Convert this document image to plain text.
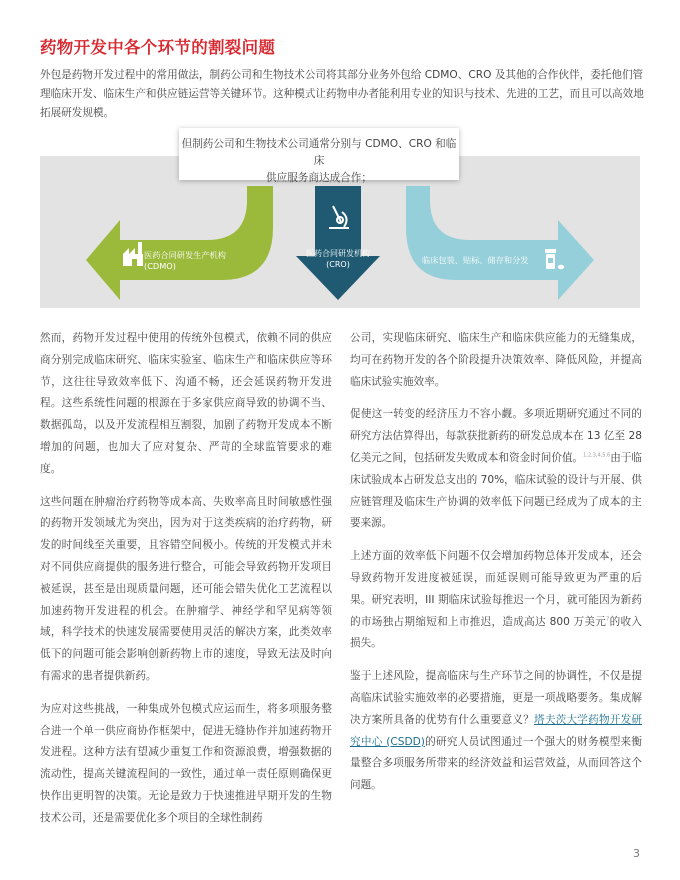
药物开发中各个环节的割裂问题
外包是药物开发过程中的常用做法，制药公司和生物技术公司将其部分业务外包给 CDMO、CRO 及其他的合作伙伴，委托他们管理临床开发、临床生产和供应链运营等关键环节。这种模式让药物申办者能利用专业的知识与技术、先进的工艺，而且可以高效地拓展研发规模。
但制药公司和生物技术公司通常分别与 CDMO、CRO 和临床
供应服务商达成合作；
医药合同研发生产机构
(CDMO)
医药合同研发机构
(CRO)	临床包装、贴标、储存和分发

然而，药物开发过程中使用的传统外包模式，依赖不同的供应商分别完成临床研究、临床实验室、临床生产和临床供应等环节，这往往导致效率低下、沟通不畅，还会延误药物开发进程。这些系统性问题的根源在于多家供应商导致的协调不当、数据孤岛，以及开发流程相互割裂，加剧了药物开发成本不断增加的问题，也加大了应对复杂、严苛的全球监管要求的难度。

这些问题在肿瘤治疗药物等成本高、失败率高且时间敏感性强的药物开发领域尤为突出，因为对于这类疾病的治疗药物，研发的时间线至关重要，且容错空间极小。传统的开发模式并未对不同供应商提供的服务进行整合，可能会导致药物开发项目被延误，甚至是出现质量问题，还可能会错失优化工艺流程以加速药物开发进程的机会。在肿瘤学、神经学和罕见病等领域，科学技术的快速发展需要使用灵活的解决方案，此类效率低下的问题可能会影响创新药物上市的速度，导致无法及时向有需求的患者提供新药。

为应对这些挑战，一种集成外包模式应运而生，将多项服务整合进一个单一供应商协作框架中，促进无缝协作并加速药物开发进程。这种方法有望减少重复工作和资源浪费，增强数据的流动性，提高关键流程间的一致性，通过单一责任原则确保更快作出更明智的决策。无论是致力于快速推进早期开发的生物技术公司，还是需要优化多个项目的全球性制药

公司，实现临床研究、临床生产和临床供应能力的无缝集成，均可在药物开发的各个阶段提升决策效率、降低风险，并提高临床试验实施效率。

促使这一转变的经济压力不容小觑。多项近期研究通过不同的研究方法估算得出，每款获批新药的研发总成本在 13 亿至 28 亿美元之间，包括研发失败成本和资金时间价值。$^{1,2,3,4,5,6}$由于临床试验成本占研发总支出的 70%，临床试验的设计与开展、供应链管理及临床生产协调的效率低下问题已经成为了成本的主要来源。

上述方面的效率低下问题不仅会增加药物总体开发成本，还会导致药物开发进度被延误，而延误则可能导致更为严重的后果。研究表明，III 期临床试验每推迟一个月，就可能因为新药的市场独占期缩短和上市推迟，造成高达 800 万美元$^7$的收入损失。

鉴于上述风险，提高临床与生产环节之间的协调性，不仅是提高临床试验实施效率的必要措施，更是一项战略要务。集成解决方案所具备的优势有什么重要意义？塔夫茨大学药物开发研究中心 (CSDD)的研究人员试图通过一个强大的财务模型来衡量整合多项服务所带来的经济效益和运营效益，从而回答这个问题。

3
